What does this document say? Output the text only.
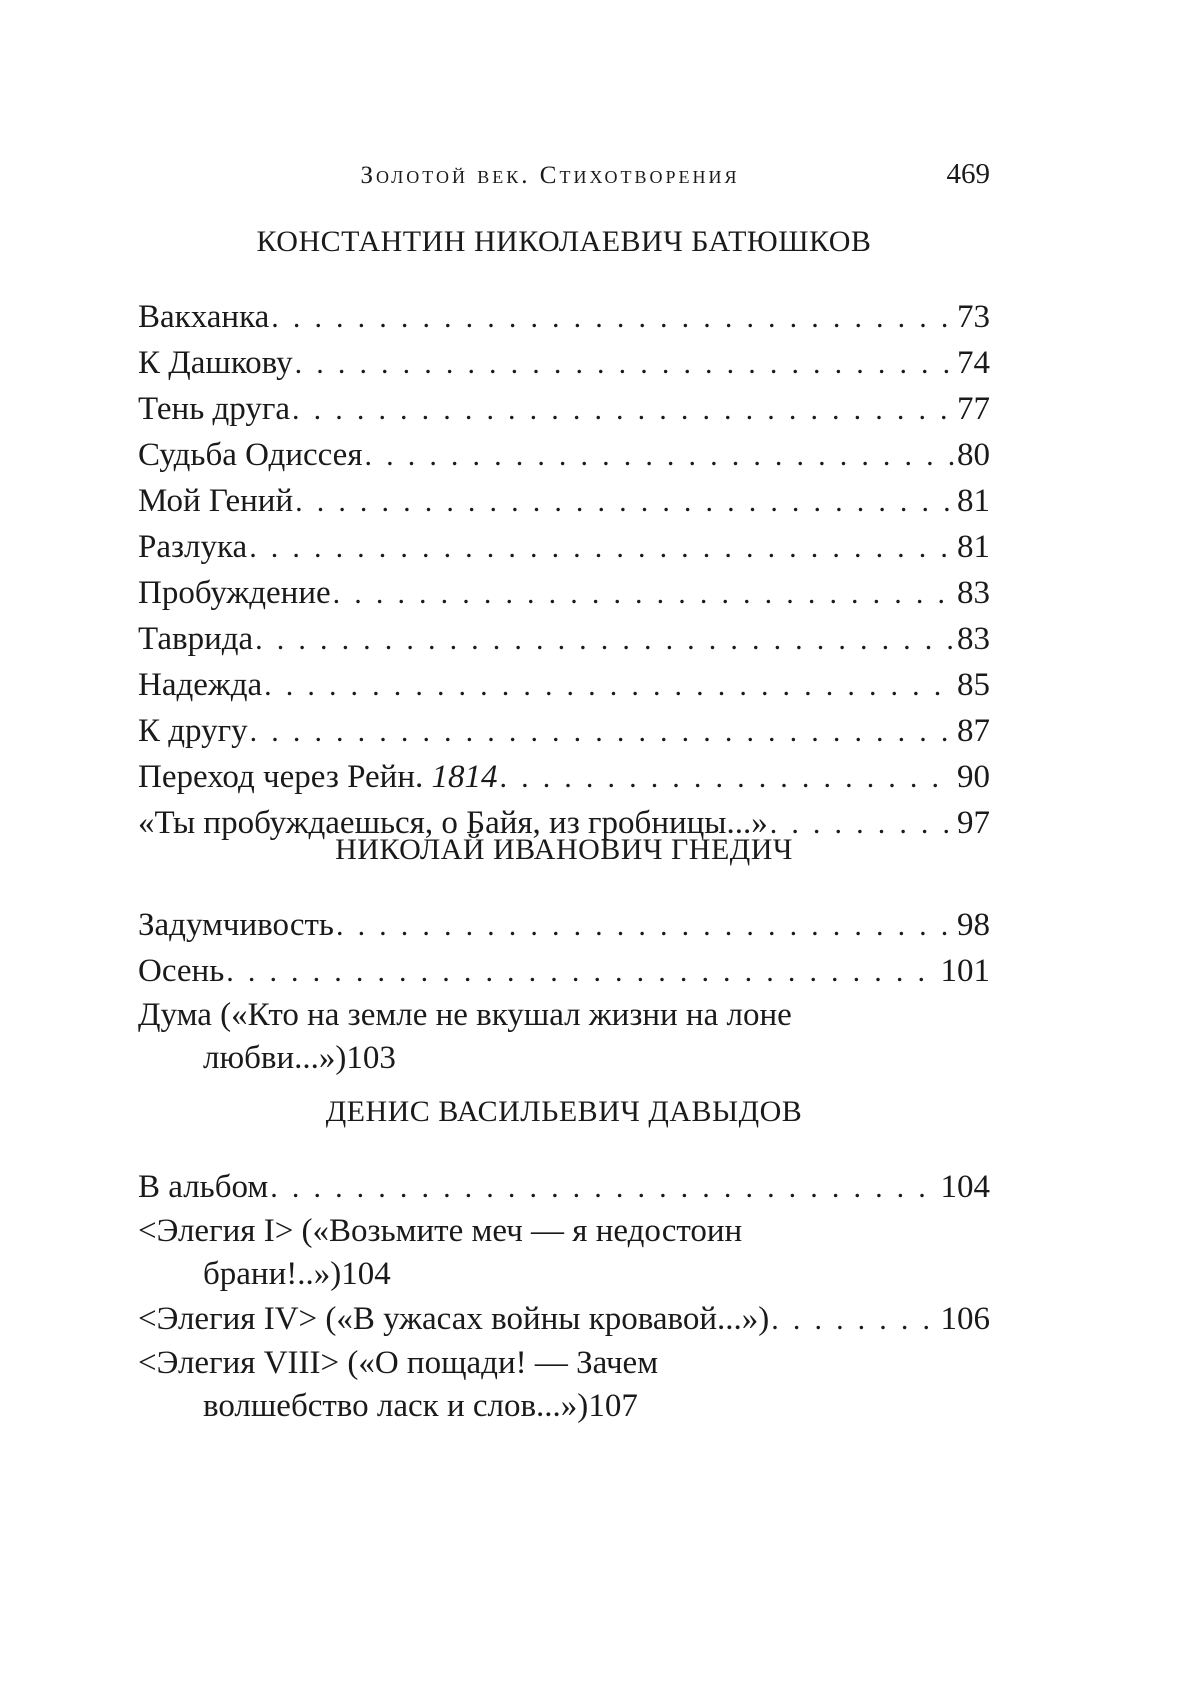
Золотой век. Стихотворения	469
КОНСТАНТИН НИКОЛАЕВИЧ БАТЮШКОВ
Вакханка . . .	73
К Дашкову . . .	74
Тень друга . . .	77
Судьба Одиссея . . .	80
Мой Гений . . .	81
Разлука . . .	81
Пробуждение . . .	83
Таврида . . .	83
Надежда . . .	85
К другу . . .	87
Переход через Рейн. 1814 . . .	90
«Ты пробуждаешься, о Байя, из гробницы...» . . .	97
НИКОЛАЙ ИВАНОВИЧ ГНЕДИЧ
Задумчивость . . .	98
Осень . . .	101
Дума («Кто на земле не вкушал жизни на лоне
любви...») 103
ДЕНИС ВАСИЛЬЕВИЧ ДАВЫДОВ
В альбом . . .	104
<Элегия I> («Возьмите меч — я недостоин
брани!..») 104
<Элегия IV> («В ужасах войны кровавой...») . . .	106
<Элегия VIII> («О пощади! — Зачем
волшебство ласк и слов...») 107
